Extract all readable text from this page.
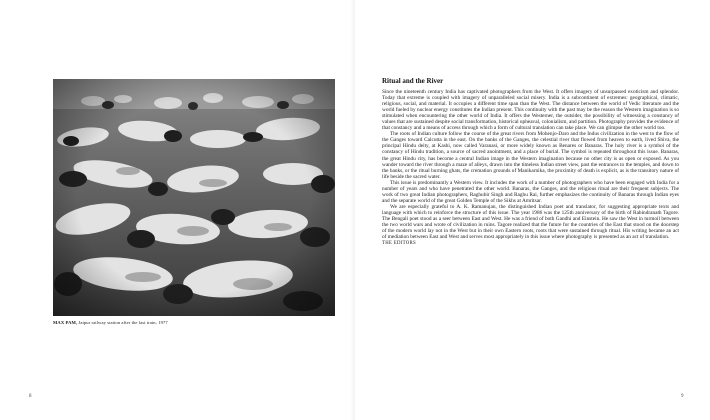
MAX PAM, Jaipur railway station after the last train, 1977
8	9
Ritual and the River

Since the nineteenth century India has captivated photographers from the West. It offers imagery of unsurpassed exoticism and splendor. Today that extreme is coupled with imagery of unparalleled social misery. India is a subcontinent of extremes: geographical, climatic, religious, social, and material. It occupies a different time span than the West. The distance between the world of Vedic literature and the world fueled by nuclear energy constitutes the Indian present. This continuity with the past may be the reason the Western imagination is so stimulated when encountering the other world of India. It offers the Westerner, the outsider, the possibility of witnessing a constancy of values that are sustained despite social transformation, historical upheaval, colonialism, and partition. Photography provides the evidence of that constancy and a means of access through which a form of cultural translation can take place. We can glimpse the other world too.

The roots of Indian culture follow the course of the great rivers from Mohenjo-Daro and the Indus civilization in the west to the flow of the Ganges toward Calcutta in the east. On the banks of the Ganges, the celestial river that flowed from heaven to earth, lived Shiva, the principal Hindu deity, at Kashi, now called Varanasi, or more widely known as Benares or Banaras. The holy river is a symbol of the constancy of Hindu tradition, a source of sacred anointment, and a place of burial. The symbol is repeated throughout this issue. Banaras, the great Hindu city, has become a central Indian image in the Western imagination because no other city is as open or exposed. As you wander toward the river through a maze of alleys, drawn into the timeless Indian street view, past the entrances to the temples, and down to the banks, or the ritual burning ghats, the cremation grounds of Manikarnika, the proximity of death is explicit, as is the transitory nature of life beside the sacred water.

This issue is predominantly a Western view. It includes the work of a number of photographers who have been engaged with India for a number of years and who have penetrated the other world. Banaras, the Ganges, and the religious ritual are their frequent subjects. The work of two great Indian photographers, Raghubir Singh and Raghu Rai, further emphasizes the continuity of Banaras through Indian eyes and the separate world of the great Golden Temple of the Sikhs at Amritsar.

We are especially grateful to A. K. Ramanujan, the distinguished Indian poet and translator, for suggesting appropriate texts and language with which to reinforce the structure of this issue. The year 1986 was the 125th anniversary of the birth of Rabindranath Tagore. The Bengali poet stood as a seer between East and West. He was a friend of both Gandhi and Einstein. He saw the West in turmoil between the two world wars and wrote of civilization in ruins. Tagore realized that the future for the countries of the East that stood on the doorstep of the modern world lay not in the West but in their own Eastern roots, roots that were sustained through ritual. His writing became an act of mediation between East and West and serves most appropriately in this issue where photography is presented as an act of translation.

THE EDITORS
